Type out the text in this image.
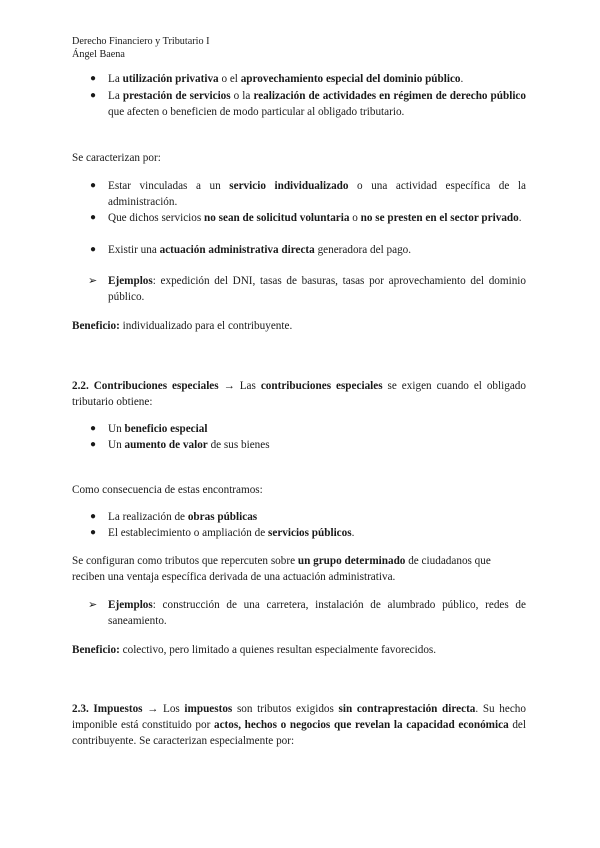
Derecho Financiero y Tributario I
Ángel Baena
●	La utilización privativa o el aprovechamiento especial del dominio público.
●	La prestación de servicios o la realización de actividades en régimen de derecho público que afecten o beneficien de modo particular al obligado tributario.
Se caracterizan por:
●	Estar vinculadas a un servicio individualizado o una actividad específica de la administración.
●	Que dichos servicios no sean de solicitud voluntaria o no se presten en el sector privado.
●	Existir una actuación administrativa directa generadora del pago.
➢ Ejemplos: expedición del DNI, tasas de basuras, tasas por aprovechamiento del dominio público.
Beneficio: individualizado para el contribuyente.
2.2. Contribuciones especiales → Las contribuciones especiales se exigen cuando el obligado tributario obtiene:
●	Un beneficio especial
●	Un aumento de valor de sus bienes
Como consecuencia de estas encontramos:
●	La realización de obras públicas
●	El establecimiento o ampliación de servicios públicos.
Se configuran como tributos que repercuten sobre un grupo determinado de ciudadanos que reciben una ventaja específica derivada de una actuación administrativa.
➢ Ejemplos: construcción de una carretera, instalación de alumbrado público, redes de saneamiento.
Beneficio: colectivo, pero limitado a quienes resultan especialmente favorecidos.
2.3. Impuestos → Los impuestos son tributos exigidos sin contraprestación directa. Su hecho imponible está constituido por actos, hechos o negocios que revelan la capacidad económica del contribuyente. Se caracterizan especialmente por:
